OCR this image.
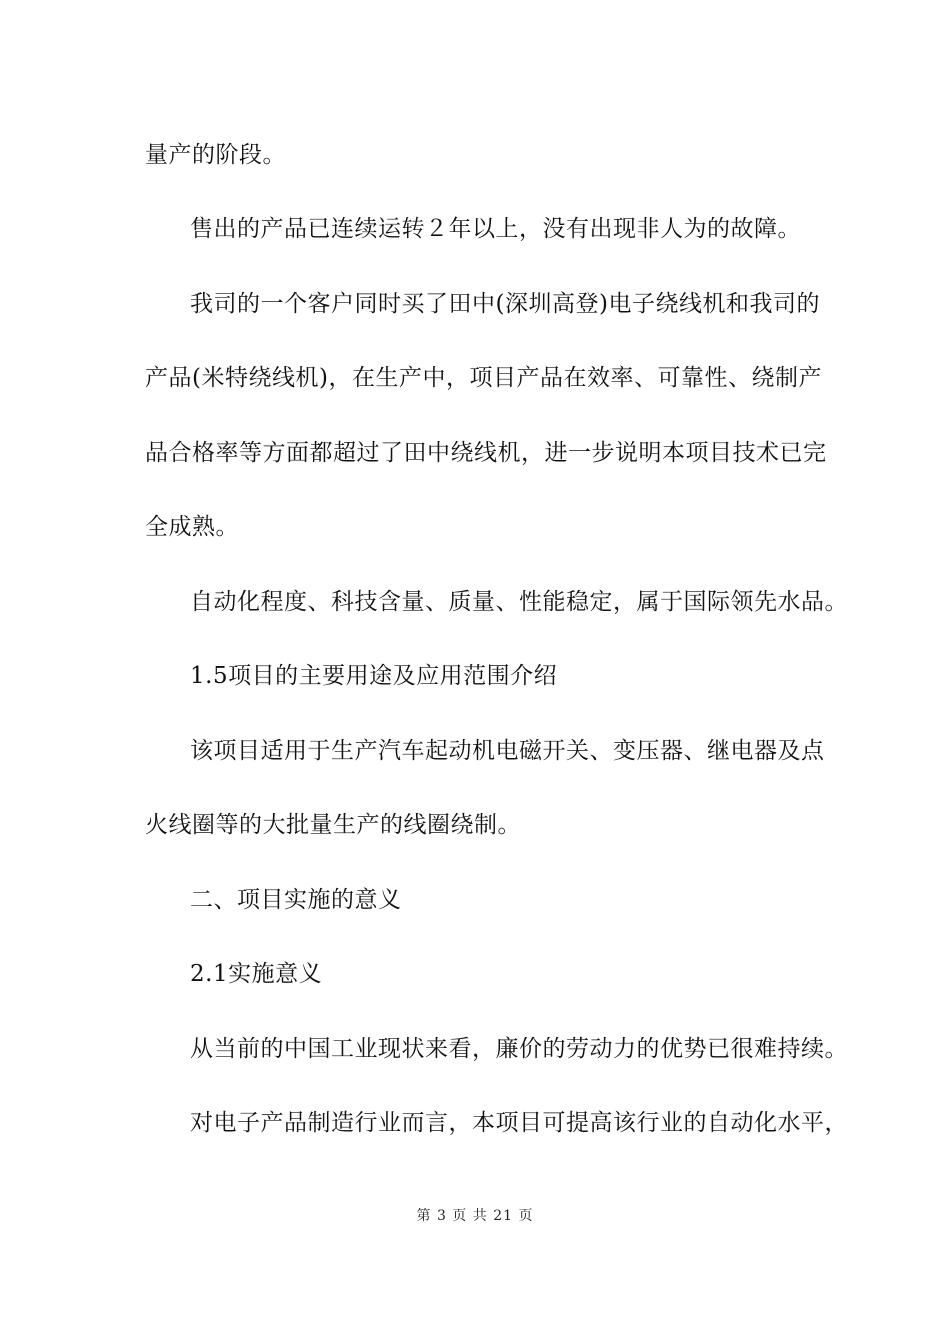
量产的阶段。
售出的产品已连续运转２年以上，没有出现非人为的故障。
我司的一个客户同时买了田中(深圳高登)电子绕线机和我司的
产品(米特绕线机)，在生产中，项目产品在效率、可靠性、绕制产
品合格率等方面都超过了田中绕线机，进一步说明本项目技术已完
全成熟。
自动化程度、科技含量、质量、性能稳定，属于国际领先水品。
1.5项目的主要用途及应用范围介绍
该项目适用于生产汽车起动机电磁开关、变压器、继电器及点
火线圈等的大批量生产的线圈绕制。
二、项目实施的意义
2.1实施意义
从当前的中国工业现状来看，廉价的劳动力的优势已很难持续。
对电子产品制造行业而言，本项目可提高该行业的自动化水平，
第 3 页 共 21 页
